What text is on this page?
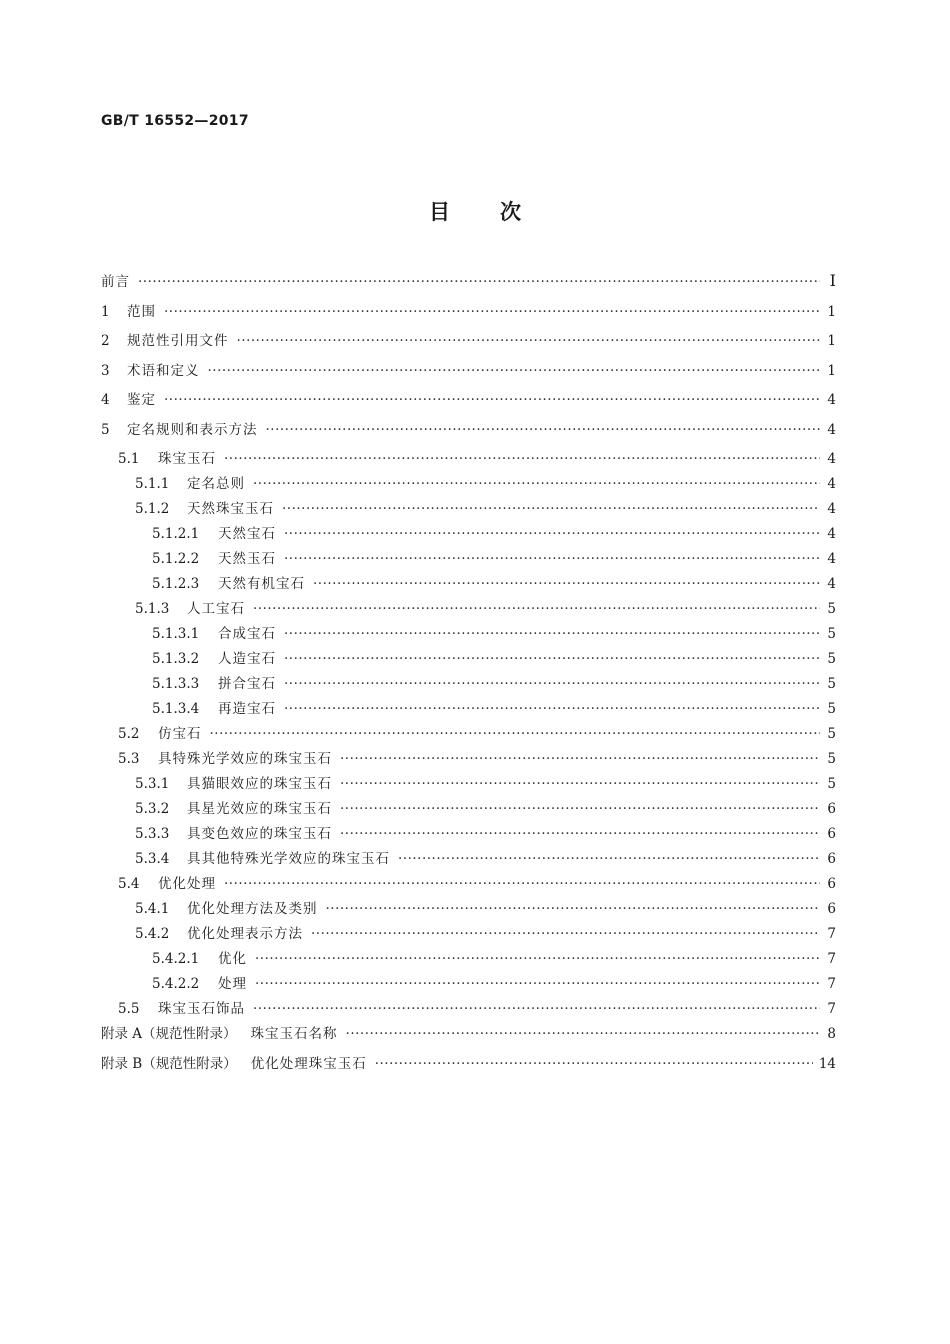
GB/T 16552—2017
目 次
前言 ·····	Ⅰ
1 范围 ·····	1
2 规范性引用文件 ·····	1
3 术语和定义 ·····	1
4 鉴定 ·····	4
5 定名规则和表示方法 ·····	4
5.1 珠宝玉石 ·····	4
5.1.1 定名总则 ·····	4
5.1.2 天然珠宝玉石 ·····	4
5.1.2.1 天然宝石 ·····	4
5.1.2.2 天然玉石 ·····	4
5.1.2.3 天然有机宝石 ·····	4
5.1.3 人工宝石 ·····	5
5.1.3.1 合成宝石 ·····	5
5.1.3.2 人造宝石 ·····	5
5.1.3.3 拼合宝石 ·····	5
5.1.3.4 再造宝石 ·····	5
5.2 仿宝石 ·····	5
5.3 具特殊光学效应的珠宝玉石 ·····	5
5.3.1 具猫眼效应的珠宝玉石 ·····	5
5.3.2 具星光效应的珠宝玉石 ·····	6
5.3.3 具变色效应的珠宝玉石 ·····	6
5.3.4 具其他特殊光学效应的珠宝玉石 ·····	6
5.4 优化处理 ·····	6
5.4.1 优化处理方法及类别 ·····	6
5.4.2 优化处理表示方法 ·····	7
5.4.2.1 优化 ·····	7
5.4.2.2 处理 ·····	7
5.5 珠宝玉石饰品 ·····	7
附录 A（规范性附录） 珠宝玉石名称 ·····	8
附录 B（规范性附录） 优化处理珠宝玉石 ·····	14
